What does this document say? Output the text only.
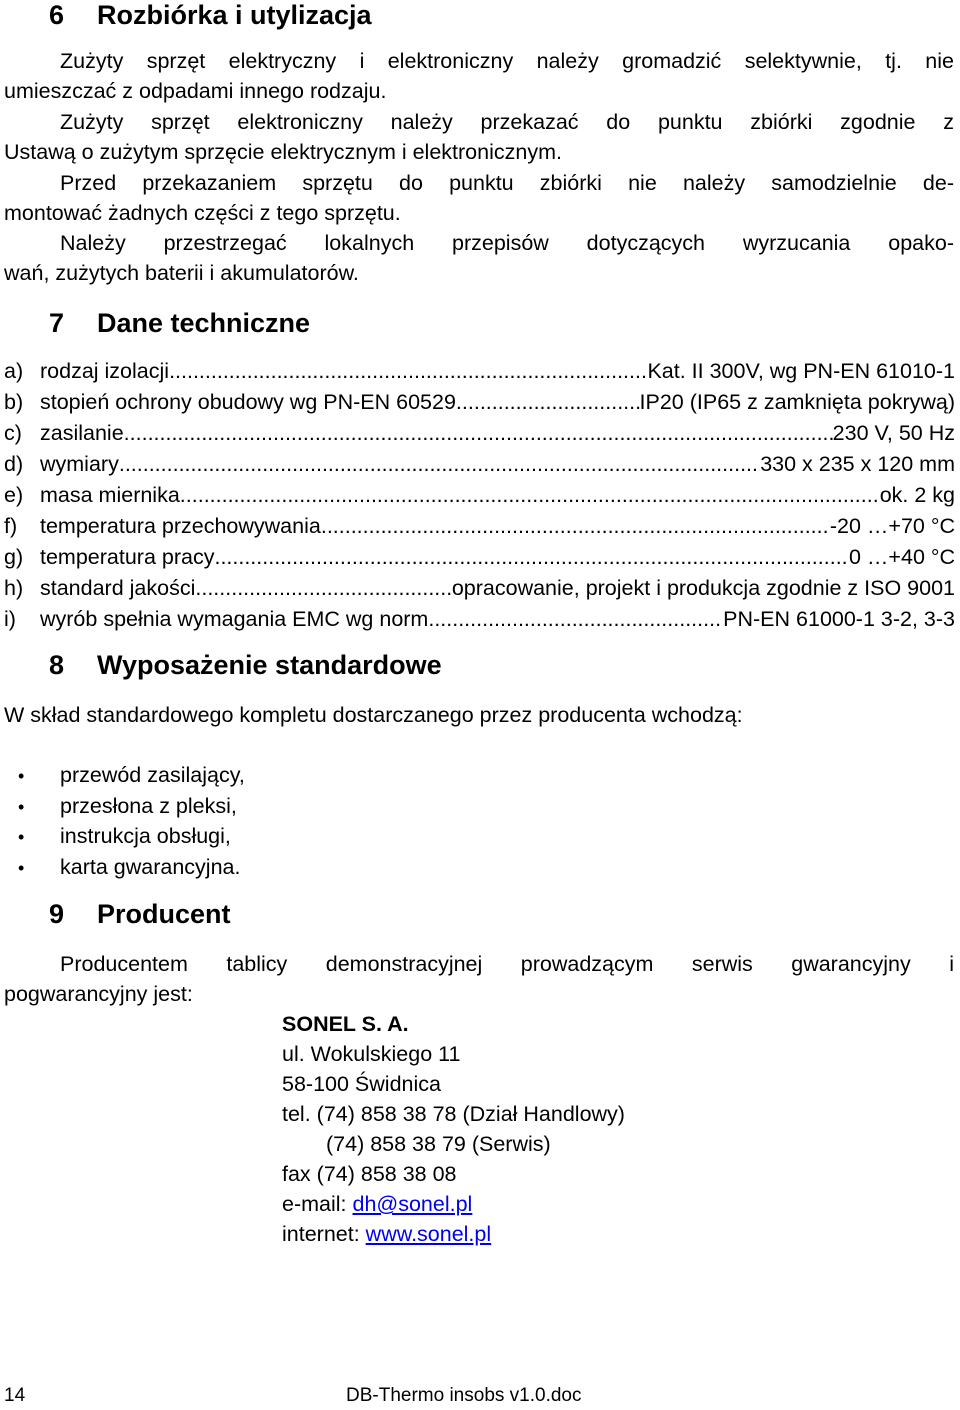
6 Rozbiórka i utylizacja
Zużyty sprzęt elektryczny i elektroniczny należy gromadzić selektywnie, tj. nie
umieszczać z odpadami innego rodzaju.
Zużyty sprzęt elektroniczny należy przekazać do punktu zbiórki zgodnie z
Ustawą o zużytym sprzęcie elektrycznym i elektronicznym.
Przed przekazaniem sprzętu do punktu zbiórki nie należy samodzielnie de-
montować żadnych części z tego sprzętu.
Należy przestrzegać lokalnych przepisów dotyczących wyrzucania opako-
wań, zużytych baterii i akumulatorów.
7 Dane techniczne
a) rodzaj izolacji .....	Kat. II 300V, wg PN-EN 61010-1
b) stopień ochrony obudowy wg PN-EN 60529 .....	IP20 (IP65 z zamknięta pokrywą)
c) zasilanie .....	230 V, 50 Hz
d) wymiary .....	330 x 235 x 120 mm
e) masa miernika .....	ok. 2 kg
f)	temperatura przechowywania .....	-20 …+70 °C
g) temperatura pracy .....	0 …+40 °C
h) standard jakości .....	opracowanie, projekt i produkcja zgodnie z ISO 9001
i)	wyrób spełnia wymagania EMC wg norm .....	PN-EN 61000-1 3-2, 3-3
8 Wyposażenie standardowe
W skład standardowego kompletu dostarczanego przez producenta wchodzą:
• przewód zasilający,
• przesłona z pleksi,
• instrukcja obsługi,
• karta gwarancyjna.
9 Producent
Producentem tablicy demonstracyjnej prowadzącym serwis gwarancyjny i
pogwarancyjny jest:
SONEL S. A.
ul. Wokulskiego 11
58-100 Świdnica
tel. (74) 858 38 78 (Dział Handlowy)
(74) 858 38 79 (Serwis)
fax (74) 858 38 08
e-mail: dh@sonel.pl
internet: www.sonel.pl
14	DB-Thermo insobs v1.0.doc
